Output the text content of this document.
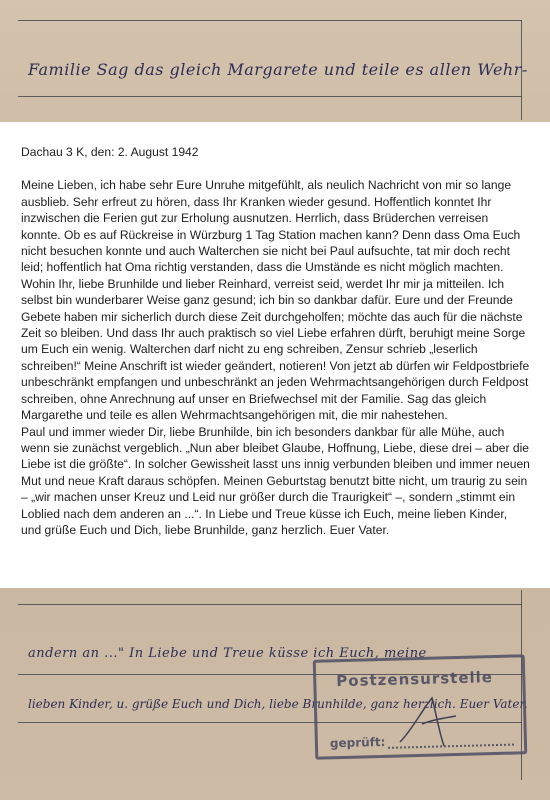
Familie Sag das gleich Margarete und teile es allen Wehr-
andern an ..." In Liebe und Treue küsse ich Euch, meine
lieben Kinder, u. grüße Euch und Dich, liebe Brunhilde, ganz herzlich. Euer Vater.
Postzensurstelle
geprüft:

Dachau 3 K, den: 2. August 1942

Meine Lieben, ich habe sehr Eure Unruhe mitgefühlt, als neulich Nachricht von mir so lange ausblieb. Sehr erfreut zu hören, dass Ihr Kranken wieder gesund. Hoffentlich konntet Ihr inzwischen die Ferien gut zur Erholung ausnutzen. Herrlich, dass Brüderchen verreisen konnte. Ob es auf Rückreise in Würzburg 1 Tag Station machen kann? Denn dass Oma Euch nicht besuchen konnte und auch Walterchen sie nicht bei Paul aufsuchte, tat mir doch recht leid; hoffentlich hat Oma richtig verstanden, dass die Umstände es nicht möglich machten.
Wohin Ihr, liebe Brunhilde und lieber Reinhard, verreist seid, werdet Ihr mir ja mitteilen. Ich selbst bin wunderbarer Weise ganz gesund; ich bin so dankbar dafür. Eure und der Freunde Gebete haben mir sicherlich durch diese Zeit durchgeholfen; möchte das auch für die nächste Zeit so bleiben. Und dass Ihr auch praktisch so viel Liebe erfahren dürft, beruhigt meine Sorge um Euch ein wenig. Walterchen darf nicht zu eng schreiben, Zensur schrieb „leserlich schreiben!“ Meine Anschrift ist wieder geändert, notieren! Von jetzt ab dürfen wir Feldpostbriefe unbeschränkt empfangen und unbeschränkt an jeden Wehrmachtsangehörigen durch Feldpost schreiben, ohne Anrechnung auf unser en Briefwechsel mit der Familie. Sag das gleich Margarethe und teile es allen Wehrmachtsangehörigen mit, die mir nahestehen.
Paul und immer wieder Dir, liebe Brunhilde, bin ich besonders dankbar für alle Mühe, auch wenn sie zunächst vergeblich. „Nun aber bleibet Glaube, Hoffnung, Liebe, diese drei – aber die Liebe ist die größte“. In solcher Gewissheit lasst uns innig verbunden bleiben und immer neuen Mut und neue Kraft daraus schöpfen. Meinen Geburtstag benutzt bitte nicht, um traurig zu sein – „wir machen unser Kreuz und Leid nur größer durch die Traurigkeit“ –, sondern „stimmt ein Loblied nach dem anderen an ...“. In Liebe und Treue küsse ich Euch, meine lieben Kinder, und grüße Euch und Dich, liebe Brunhilde, ganz herzlich. Euer Vater.
